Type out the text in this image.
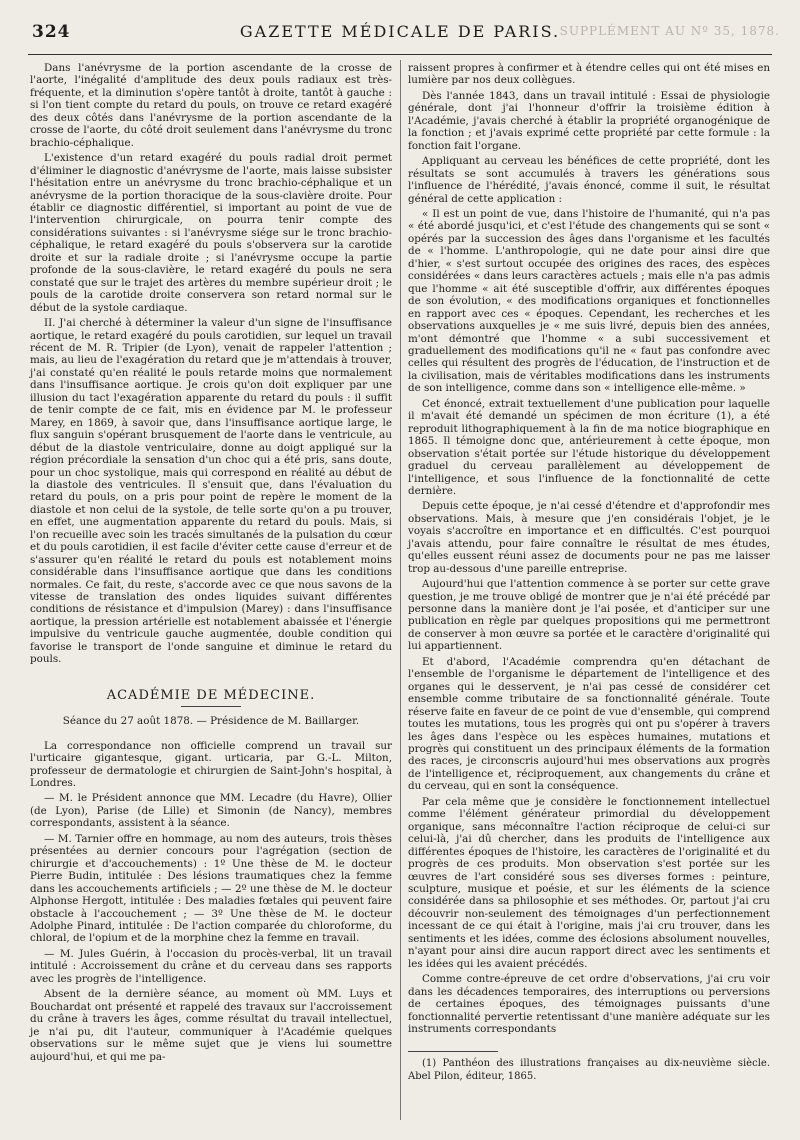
324	GAZETTE MÉDICALE DE PARIS. SUPPLÉMENT AU Nº 35, 1878.

Dans l'anévrysme de la portion ascendante de la crosse de l'aorte, l'inégalité d'amplitude des deux pouls radiaux est très-fréquente, et la diminution s'opère tantôt à droite, tantôt à gauche : si l'on tient compte du retard du pouls, on trouve ce retard exagéré des deux côtés dans l'anévrysme de la portion ascendante de la crosse de l'aorte, du côté droit seulement dans l'anévrysme du tronc brachio-céphalique.

L'existence d'un retard exagéré du pouls radial droit permet d'éliminer le diagnostic d'anévrysme de l'aorte, mais laisse subsister l'hésitation entre un anévrysme du tronc brachio-céphalique et un anévrysme de la portion thoracique de la sous-clavière droite. Pour établir ce diagnostic différentiel, si important au point de vue de l'intervention chirurgicale, on pourra tenir compte des considérations suivantes : si l'anévrysme siége sur le tronc brachio-céphalique, le retard exagéré du pouls s'observera sur la carotide droite et sur la radiale droite ; si l'anévrysme occupe la partie profonde de la sous-clavière, le retard exagéré du pouls ne sera constaté que sur le trajet des artères du membre supérieur droit ; le pouls de la carotide droite conservera son retard normal sur le début de la systole cardiaque.

II. J'ai cherché à déterminer la valeur d'un signe de l'insuffisance aortique, le retard exagéré du pouls carotidien, sur lequel un travail récent de M. R. Tripier (de Lyon), venait de rappeler l'attention ; mais, au lieu de l'exagération du retard que je m'attendais à trouver, j'ai constaté qu'en réalité le pouls retarde moins que normalement dans l'insuffisance aortique. Je crois qu'on doit expliquer par une illusion du tact l'exagération apparente du retard du pouls : il suffit de tenir compte de ce fait, mis en évidence par M. le professeur Marey, en 1869, à savoir que, dans l'insuffisance aortique large, le flux sanguin s'opérant brusquement de l'aorte dans le ventricule, au début de la diastole ventriculaire, donne au doigt appliqué sur la région précordiale la sensation d'un choc qui a été pris, sans doute, pour un choc systolique, mais qui correspond en réalité au début de la diastole des ventricules. Il s'ensuit que, dans l'évaluation du retard du pouls, on a pris pour point de repère le moment de la diastole et non celui de la systole, de telle sorte qu'on a pu trouver, en effet, une augmentation apparente du retard du pouls. Mais, si l'on recueille avec soin les tracés simultanés de la pulsation du cœur et du pouls carotidien, il est facile d'éviter cette cause d'erreur et de s'assurer qu'en réalité le retard du pouls est notablement moins considérable dans l'insuffisance aortique que dans les conditions normales. Ce fait, du reste, s'accorde avec ce que nous savons de la vitesse de translation des ondes liquides suivant différentes conditions de résistance et d'impulsion (Marey) : dans l'insuffisance aortique, la pression artérielle est notablement abaissée et l'énergie impulsive du ventricule gauche augmentée, double condition qui favorise le transport de l'onde sanguine et diminue le retard du pouls.

ACADÉMIE DE MÉDECINE.

Séance du 27 août 1878. — Présidence de M. Baillarger.

La correspondance non officielle comprend un travail sur l'urticaire gigantesque, gigant. urticaria, par G.-L. Milton, professeur de dermatologie et chirurgien de Saint-John's hospital, à Londres.

— M. le Président annonce que MM. Lecadre (du Havre), Ollier (de Lyon), Parise (de Lille) et Simonin (de Nancy), membres correspondants, assistent à la séance.

— M. Tarnier offre en hommage, au nom des auteurs, trois thèses présentées au dernier concours pour l'agrégation (section de chirurgie et d'accouchements) : 1º Une thèse de M. le docteur Pierre Budin, intitulée : Des lésions traumatiques chez la femme dans les accouchements artificiels ; — 2º une thèse de M. le docteur Alphonse Hergott, intitulée : Des maladies fœtales qui peuvent faire obstacle à l'accouchement ; — 3º Une thèse de M. le docteur Adolphe Pinard, intitulée : De l'action comparée du chloroforme, du chloral, de l'opium et de la morphine chez la femme en travail.

— M. Jules Guérin, à l'occasion du procès-verbal, lit un travail intitulé : Accroissement du crâne et du cerveau dans ses rapports avec les progrès de l'intelligence.

Absent de la dernière séance, au moment où MM. Luys et Bouchardat ont présenté et rappelé des travaux sur l'accroissement du crâne à travers les âges, comme résultat du travail intellectuel, je n'ai pu, dit l'auteur, communiquer à l'Académie quelques observations sur le même sujet que je viens lui soumettre aujourd'hui, et qui me pa-

raissent propres à confirmer et à étendre celles qui ont été mises en lumière par nos deux collègues.

Dès l'année 1843, dans un travail intitulé : Essai de physiologie générale, dont j'ai l'honneur d'offrir la troisième édition à l'Académie, j'avais cherché à établir la propriété organogénique de la fonction ; et j'avais exprimé cette propriété par cette formule : la fonction fait l'organe.

Appliquant au cerveau les bénéfices de cette propriété, dont les résultats se sont accumulés à travers les générations sous l'influence de l'hérédité, j'avais énoncé, comme il suit, le résultat général de cette application :

« Il est un point de vue, dans l'histoire de l'humanité, qui n'a pas « été abordé jusqu'ici, et c'est l'étude des changements qui se sont « opérés par la succession des âges dans l'organisme et les facultés de « l'homme. L'anthropologie, qui ne date pour ainsi dire que d'hier, « s'est surtout occupée des origines des races, des espèces considérées « dans leurs caractères actuels ; mais elle n'a pas admis que l'homme « ait été susceptible d'offrir, aux différentes époques de son évolution, « des modifications organiques et fonctionnelles en rapport avec ces « époques. Cependant, les recherches et les observations auxquelles je « me suis livré, depuis bien des années, m'ont démontré que l'homme « a subi successivement et graduellement des modifications qu'il ne « faut pas confondre avec celles qui résultent des progrès de l'éducation, de l'instruction et de la civilisation, mais de véritables modifications dans les instruments de son intelligence, comme dans son « intelligence elle-même. »

Cet énoncé, extrait textuellement d'une publication pour laquelle il m'avait été demandé un spécimen de mon écriture (1), a été reproduit lithographiquement à la fin de ma notice biographique en 1865. Il témoigne donc que, antérieurement à cette époque, mon observation s'était portée sur l'étude historique du développement graduel du cerveau parallèlement au développement de l'intelligence, et sous l'influence de la fonctionnalité de cette dernière.

Depuis cette époque, je n'ai cessé d'étendre et d'approfondir mes observations. Mais, à mesure que j'en considérais l'objet, je le voyais s'accroître en importance et en difficultés. C'est pourquoi j'avais attendu, pour faire connaître le résultat de mes études, qu'elles eussent réuni assez de documents pour ne pas me laisser trop au-dessous d'une pareille entreprise.

Aujourd'hui que l'attention commence à se porter sur cette grave question, je me trouve obligé de montrer que je n'ai été précédé par personne dans la manière dont je l'ai posée, et d'anticiper sur une publication en règle par quelques propositions qui me permettront de conserver à mon œuvre sa portée et le caractère d'originalité qui lui appartiennent.

Et d'abord, l'Académie comprendra qu'en détachant de l'ensemble de l'organisme le département de l'intelligence et des organes qui le desservent, je n'ai pas cessé de considérer cet ensemble comme tributaire de sa fonctionnalité générale. Toute réserve faite en faveur de ce point de vue d'ensemble, qui comprend toutes les mutations, tous les progrès qui ont pu s'opérer à travers les âges dans l'espèce ou les espèces humaines, mutations et progrès qui constituent un des principaux éléments de la formation des races, je circonscris aujourd'hui mes observations aux progrès de l'intelligence et, réciproquement, aux changements du crâne et du cerveau, qui en sont la conséquence.

Par cela même que je considère le fonctionnement intellectuel comme l'élément générateur primordial du développement organique, sans méconnaître l'action réciproque de celui-ci sur celui-là, j'ai dû chercher, dans les produits de l'intelligence aux différentes époques de l'histoire, les caractères de l'originalité et du progrès de ces produits. Mon observation s'est portée sur les œuvres de l'art considéré sous ses diverses formes : peinture, sculpture, musique et poésie, et sur les éléments de la science considérée dans sa philosophie et ses méthodes. Or, partout j'ai cru découvrir non-seulement des témoignages d'un perfectionnement incessant de ce qui était à l'origine, mais j'ai cru trouver, dans les sentiments et les idées, comme des éclosions absolument nouvelles, n'ayant pour ainsi dire aucun rapport direct avec les sentiments et les idées qui les avaient précédés.

Comme contre-épreuve de cet ordre d'observations, j'ai cru voir dans les décadences temporaires, des interruptions ou perversions de certaines époques, des témoignages puissants d'une fonctionnalité pervertie retentissant d'une manière adéquate sur les instruments correspondants

(1) Panthéon des illustrations françaises au dix-neuvième siècle. Abel Pilon, éditeur, 1865.
